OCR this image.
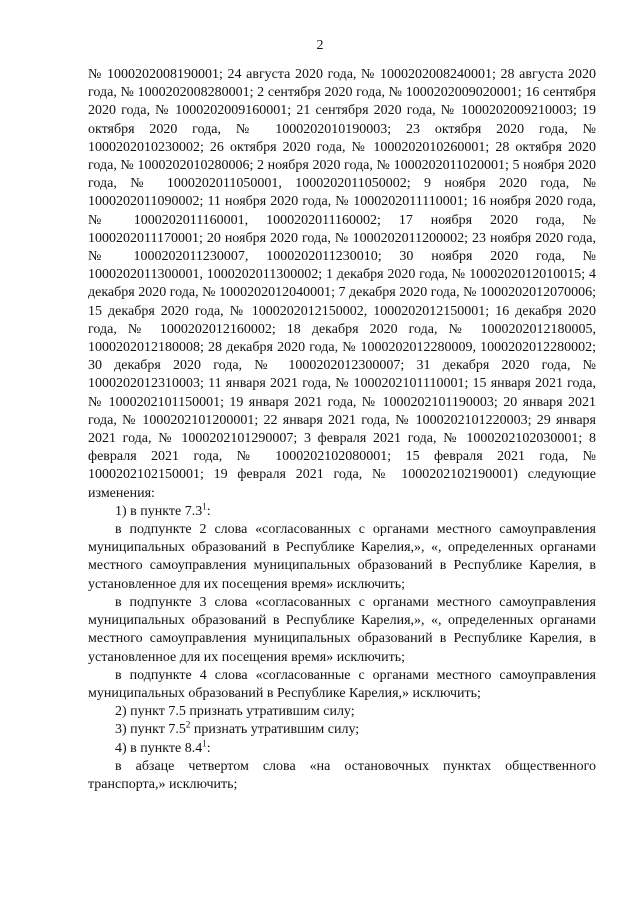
2

№ 1000202008190001; 24 августа 2020 года, № 1000202008240001; 28 августа 2020 года, № 1000202008280001; 2 сентября 2020 года, № 1000202009020001; 16 сентября 2020 года, № 1000202009160001; 21 сентября 2020 года, № 1000202009210003; 19 октября 2020 года, № 1000202010190003; 23 октября 2020 года, № 1000202010230002; 26 октября 2020 года, № 1000202010260001; 28 октября 2020 года, № 1000202010280006; 2 ноября 2020 года, № 1000202011020001; 5 ноября 2020 года, № 1000202011050001, 1000202011050002; 9 ноября 2020 года, № 1000202011090002; 11 ноября 2020 года, № 1000202011110001; 16 ноября 2020 года, № 1000202011160001, 1000202011160002; 17 ноября 2020 года, № 1000202011170001; 20 ноября 2020 года, № 1000202011200002; 23 ноября 2020 года, № 1000202011230007, 1000202011230010; 30 ноября 2020 года, № 1000202011300001, 1000202011300002; 1 декабря 2020 года, № 1000202012010015; 4 декабря 2020 года, № 1000202012040001; 7 декабря 2020 года, № 1000202012070006; 15 декабря 2020 года, № 1000202012150002, 1000202012150001; 16 декабря 2020 года, № 1000202012160002; 18 декабря 2020 года, № 1000202012180005, 1000202012180008; 28 декабря 2020 года, № 1000202012280009, 1000202012280002; 30 декабря 2020 года, № 1000202012300007; 31 декабря 2020 года, № 1000202012310003; 11 января 2021 года, № 1000202101110001; 15 января 2021 года, № 1000202101150001; 19 января 2021 года, № 1000202101190003; 20 января 2021 года, № 1000202101200001; 22 января 2021 года, № 1000202101220003; 29 января 2021 года, № 1000202101290007; 3 февраля 2021 года, № 1000202102030001; 8 февраля 2021 года, № 1000202102080001; 15 февраля 2021 года, № 1000202102150001; 19 февраля 2021 года, № 1000202102190001) следующие изменения:

1) в пункте $7.3^1$:

в подпункте 2 слова «согласованных с органами местного самоуправления муниципальных образований в Республике Карелия,», «, определенных органами местного самоуправления муниципальных образований в Республике Карелия, в установленное для их посещения время» исключить;

в подпункте 3 слова «согласованных с органами местного самоуправления муниципальных образований в Республике Карелия,», «, определенных органами местного самоуправления муниципальных образований в Республике Карелия, в установленное для их посещения время» исключить;

в подпункте 4 слова «согласованные с органами местного самоуправления муниципальных образований в Республике Карелия,» исключить;

2) пункт 7.5 признать утратившим силу;

3) пункт $7.5^2$ признать утратившим силу;

4) в пункте $8.4^1$:

в абзаце четвертом слова «на остановочных пунктах общественного транспорта,» исключить;
